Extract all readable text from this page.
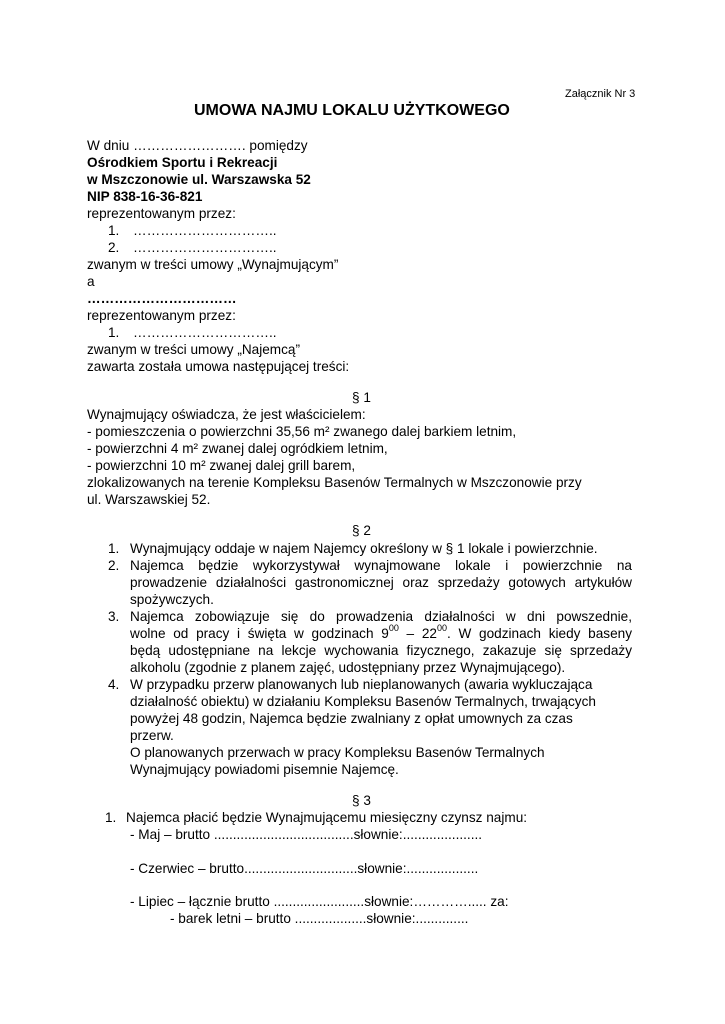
Załącznik Nr 3
UMOWA NAJMU LOKALU UŻYTKOWEGO
W dniu ……………………. pomiędzy
Ośrodkiem Sportu i Rekreacji
w Mszczonowie ul. Warszawska 52
NIP 838-16-36-821
reprezentowanym przez:
1. …………………………..
2. …………………………..
zwanym w treści umowy „Wynajmującym”
a
……………………………
reprezentowanym przez:
1. …………………………..
zwanym w treści umowy „Najemcą”
zawarta została umowa następującej treści:
§ 1
Wynajmujący oświadcza, że jest właścicielem:
- pomieszczenia o powierzchni 35,56 m² zwanego dalej barkiem letnim,
- powierzchni 4 m² zwanej dalej ogródkiem letnim,
- powierzchni 10 m² zwanej dalej grill barem,
zlokalizowanych na terenie Kompleksu Basenów Termalnych w Mszczonowie przy
ul. Warszawskiej 52.
§ 2
1. Wynajmujący oddaje w najem Najemcy określony w § 1 lokale i powierzchnie.
2. Najemca będzie wykorzystywał wynajmowane lokale i powierzchnie na
prowadzenie działalności gastronomicznej oraz sprzedaży gotowych artykułów
spożywczych.
3. Najemca zobowiązuje się do prowadzenia działalności w dni powszednie,
wolne od pracy i święta w godzinach $9^{00} - 22^{00}$. W godzinach kiedy baseny
będą udostępniane na lekcje wychowania fizycznego, zakazuje się sprzedaży
alkoholu (zgodnie z planem zajęć, udostępniany przez Wynajmującego).
4. W przypadku przerw planowanych lub nieplanowanych (awaria wykluczająca
działalność obiektu) w działaniu Kompleksu Basenów Termalnych, trwających
powyżej 48 godzin, Najemca będzie zwalniany z opłat umownych za czas
przerw.
O planowanych przerwach w pracy Kompleksu Basenów Termalnych
Wynajmujący powiadomi pisemnie Najemcę.
§ 3
1. Najemca płacić będzie Wynajmującemu miesięczny czynsz najmu:
- Maj – brutto .....................................słownie:.....................
- Czerwiec – brutto..............................słownie:...................
- Lipiec – łącznie brutto ........................słownie:…………..... za:
- barek letni – brutto ...................słownie:..............
